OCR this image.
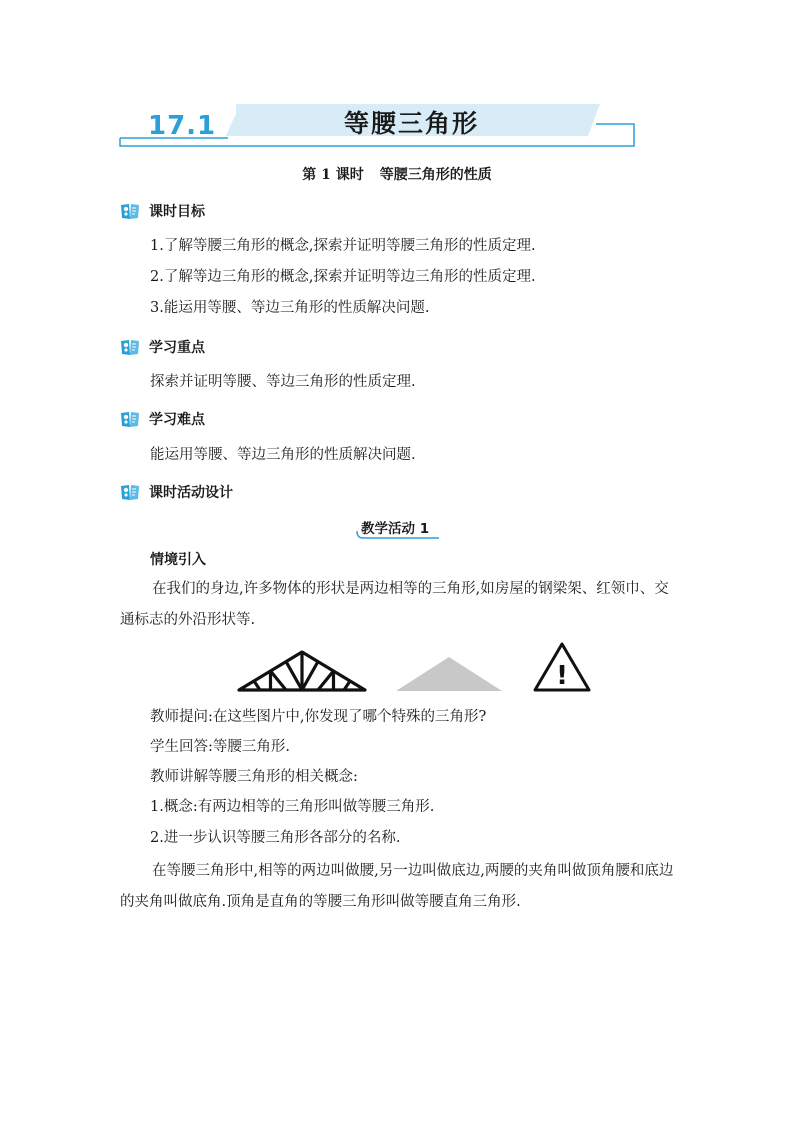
17.1	等腰三角形
第 1 课时 等腰三角形的性质
课时目标
1.了解等腰三角形的概念,探索并证明等腰三角形的性质定理.
2.了解等边三角形的概念,探索并证明等边三角形的性质定理.
3.能运用等腰、等边三角形的性质解决问题.
学习重点
探索并证明等腰、等边三角形的性质定理.
学习难点
能运用等腰、等边三角形的性质解决问题.
课时活动设计
教学活动 1
情境引入
在我们的身边,许多物体的形状是两边相等的三角形,如房屋的钢梁架、红领巾、交通标志的外沿形状等.
!
教师提问:在这些图片中,你发现了哪个特殊的三角形?
学生回答:等腰三角形.
教师讲解等腰三角形的相关概念:
1.概念:有两边相等的三角形叫做等腰三角形.
2.进一步认识等腰三角形各部分的名称.
在等腰三角形中,相等的两边叫做腰,另一边叫做底边,两腰的夹角叫做顶角腰和底边的夹角叫做底角.顶角是直角的等腰三角形叫做等腰直角三角形.
